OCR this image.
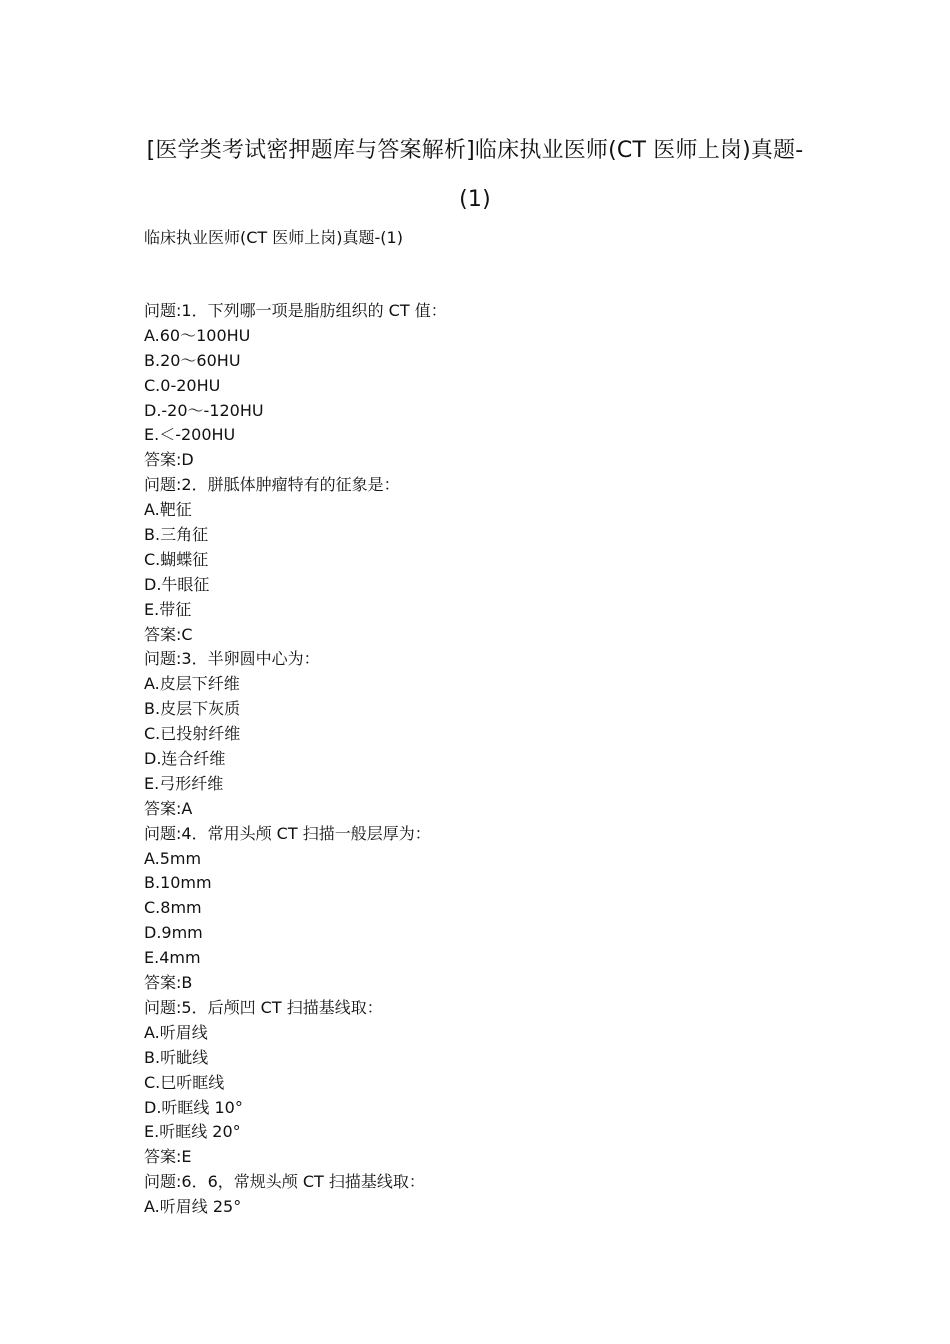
[医学类考试密押题库与答案解析]临床执业医师(CT 医师上岗)真题-
(1)
临床执业医师(CT 医师上岗)真题-(1)
问题:1．下列哪一项是脂肪组织的 CT 值：
A.60～100HU
B.20～60HU
C.0-20HU
D.-20～-120HU
E.＜-200HU
答案:D
问题:2．胼胝体肿瘤特有的征象是：
A.靶征
B.三角征
C.蝴蝶征
D.牛眼征
E.带征
答案:C
问题:3．半卵圆中心为：
A.皮层下纤维
B.皮层下灰质
C.已投射纤维
D.连合纤维
E.弓形纤维
答案:A
问题:4．常用头颅 CT 扫描一般层厚为：
A.5mm
B.10mm
C.8mm
D.9mm
E.4mm
答案:B
问题:5．后颅凹 CT 扫描基线取：
A.听眉线
B.听眦线
C.巳听眶线
D.听眶线 10°
E.听眶线 20°
答案:E
问题:6．6，常规头颅 CT 扫描基线取：
A.听眉线 25°
